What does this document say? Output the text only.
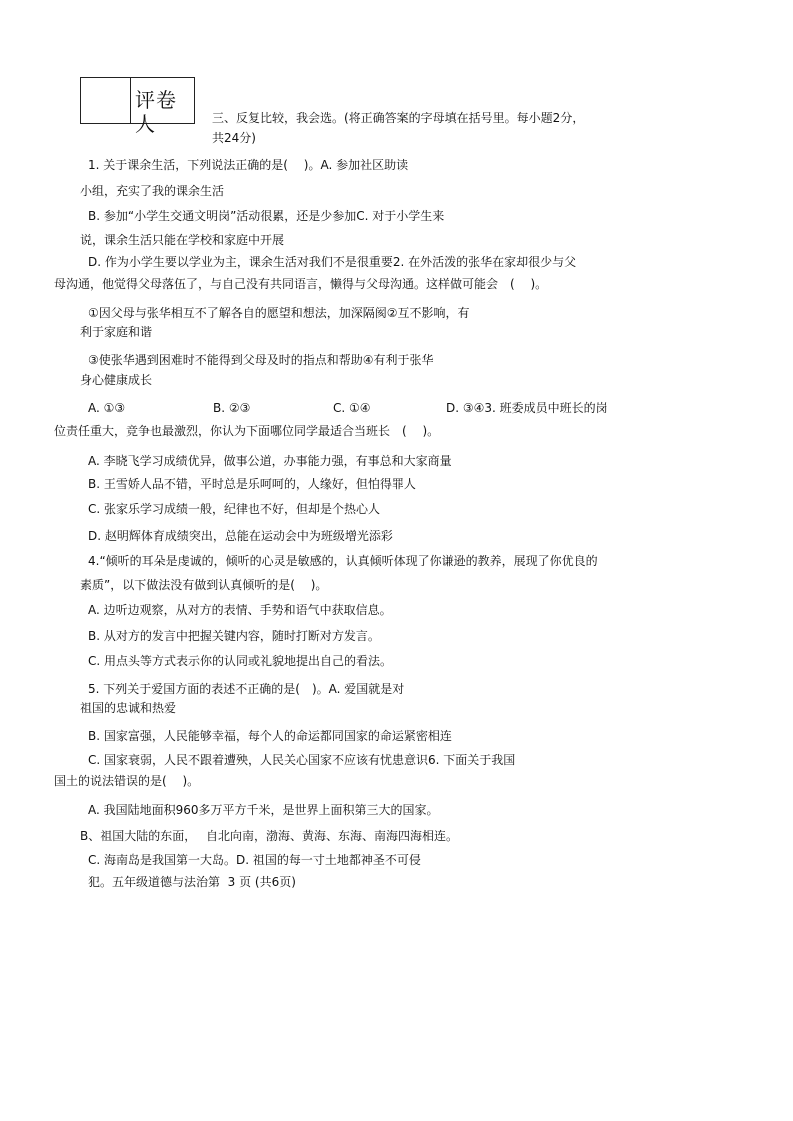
评卷人	三、反复比较，我会选。(将正确答案的字母填在括号里。每小题2分，
共24分)
1. 关于课余生活，下列说法正确的是(　 )。A. 参加社区助读
小组，充实了我的课余生活
B. 参加“小学生交通文明岗”活动很累，还是少参加C. 对于小学生来
说，课余生活只能在学校和家庭中开展
D. 作为小学生要以学业为主，课余生活对我们不是很重要2. 在外活泼的张华在家却很少与父
母沟通，他觉得父母落伍了，与自己没有共同语言，懒得与父母沟通。这样做可能会　(　 )。
①因父母与张华相互不了解各自的愿望和想法，加深隔阂②互不影响，有
利于家庭和谐
③使张华遇到困难时不能得到父母及时的指点和帮助④有利于张华
身心健康成长
A. ①③	B. ②③	C. ①④	D. ③④3. 班委成员中班长的岗
位责任重大，竞争也最激烈，你认为下面哪位同学最适合当班长　(　 )。
A. 李晓飞学习成绩优异，做事公道，办事能力强，有事总和大家商量
B. 王雪娇人品不错，平时总是乐呵呵的，人缘好，但怕得罪人
C. 张家乐学习成绩一般，纪律也不好，但却是个热心人
D. 赵明辉体育成绩突出，总能在运动会中为班级增光添彩
4.“倾听的耳朵是虔诚的，倾听的心灵是敏感的，认真倾听体现了你谦逊的教养，展现了你优良的
素质”，以下做法没有做到认真倾听的是(　 )。
A. 边听边观察，从对方的表情、手势和语气中获取信息。
B. 从对方的发言中把握关键内容，随时打断对方发言。
C. 用点头等方式表示你的认同或礼貌地提出自己的看法。
5. 下列关于爱国方面的表述不正确的是(　)。A. 爱国就是对
祖国的忠诚和热爱
B. 国家富强，人民能够幸福，每个人的命运都同国家的命运紧密相连
C. 国家衰弱，人民不跟着遭殃，人民关心国家不应该有忧患意识6. 下面关于我国
国土的说法错误的是(　 )。
A. 我国陆地面积960多万平方千米，是世界上面积第三大的国家。
B、祖国大陆的东面，　 自北向南，渤海、黄海、东海、南海四海相连。
C. 海南岛是我国第一大岛。D. 祖国的每一寸土地都神圣不可侵
犯。五年级道德与法治第  3 页 (共6页)
